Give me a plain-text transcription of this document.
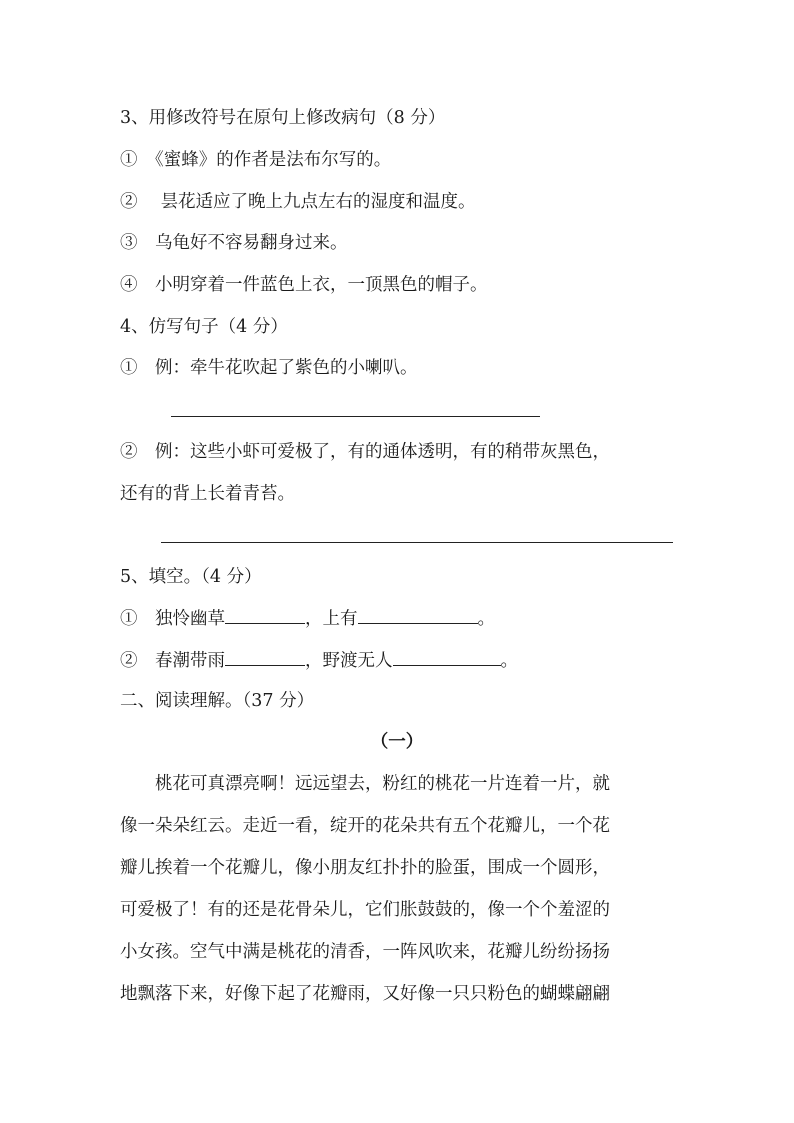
3、用修改符号在原句上修改病句（8 分）
①　《蜜蜂》的作者是法布尔写的。
②　 昙花适应了晚上九点左右的湿度和温度。
③　乌龟好不容易翻身过来。
④　小明穿着一件蓝色上衣，一顶黑色的帽子。
4、仿写句子（4 分）
①　例：牵牛花吹起了紫色的小喇叭。
②　例：这些小虾可爱极了，有的通体透明，有的稍带灰黑色，
还有的背上长着青苔。
5、填空。（4 分）
①　独怜幽草	，上有	。
②　春潮带雨	，野渡无人	。
二、阅读理解。（37 分）
（一）
　　桃花可真漂亮啊！远远望去，粉红的桃花一片连着一片，就
像一朵朵红云。走近一看，绽开的花朵共有五个花瓣儿，一个花
瓣儿挨着一个花瓣儿，像小朋友红扑扑的脸蛋，围成一个圆形，
可爱极了！有的还是花骨朵儿，它们胀鼓鼓的，像一个个羞涩的
小女孩。空气中满是桃花的清香，一阵风吹来，花瓣儿纷纷扬扬
地飘落下来，好像下起了花瓣雨，又好像一只只粉色的蝴蝶翩翩
